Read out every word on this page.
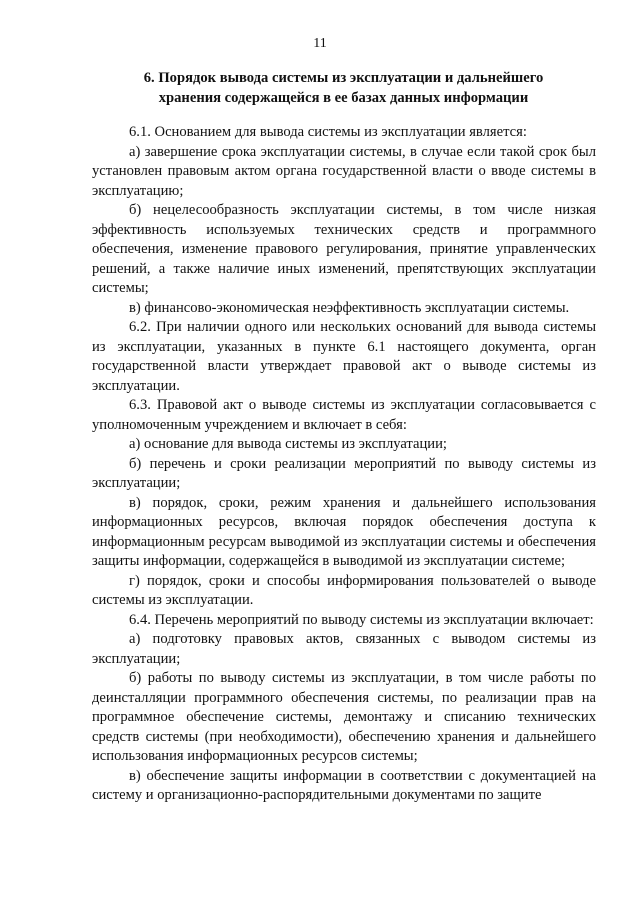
11
6. Порядок вывода системы из эксплуатации и дальнейшего
хранения содержащейся в ее базах данных информации

6.1. Основанием для вывода системы из эксплуатации является:

а) завершение срока эксплуатации системы, в случае если такой срок был установлен правовым актом органа государственной власти о вводе системы в эксплуатацию;

б) нецелесообразность эксплуатации системы, в том числе низкая эффективность используемых технических средств и программного обеспечения, изменение правового регулирования, принятие управленческих решений, а также наличие иных изменений, препятствующих эксплуатации системы;

в) финансово-экономическая неэффективность эксплуатации системы.

6.2. При наличии одного или нескольких оснований для вывода системы из эксплуатации, указанных в пункте 6.1 настоящего документа, орган государственной власти утверждает правовой акт о выводе системы из эксплуатации.

6.3. Правовой акт о выводе системы из эксплуатации согласовывается с уполномоченным учреждением и включает в себя:

а) основание для вывода системы из эксплуатации;

б) перечень и сроки реализации мероприятий по выводу системы из эксплуатации;

в) порядок, сроки, режим хранения и дальнейшего использования информационных ресурсов, включая порядок обеспечения доступа к информационным ресурсам выводимой из эксплуатации системы и обеспечения защиты информации, содержащейся в выводимой из эксплуатации системе;

г) порядок, сроки и способы информирования пользователей о выводе системы из эксплуатации.

6.4. Перечень мероприятий по выводу системы из эксплуатации включает:

а) подготовку правовых актов, связанных с выводом системы из эксплуатации;

б) работы по выводу системы из эксплуатации, в том числе работы по деинсталляции программного обеспечения системы, по реализации прав на программное обеспечение системы, демонтажу и списанию технических средств системы (при необходимости), обеспечению хранения и дальнейшего использования информационных ресурсов системы;

в) обеспечение защиты информации в соответствии с документацией на систему и организационно-распорядительными документами по защите
